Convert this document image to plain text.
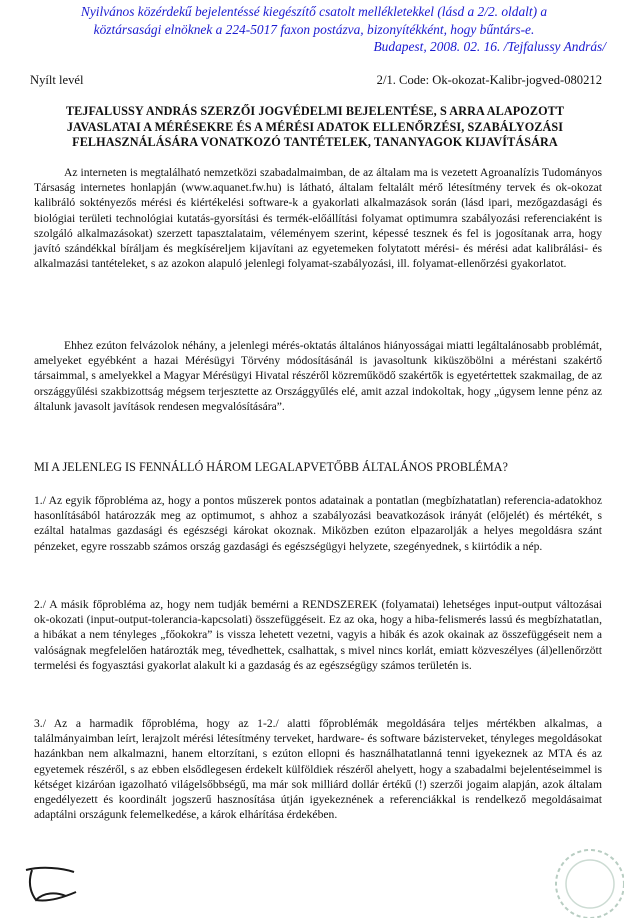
Nyilvános közérdekű bejelentéssé kiegészítő csatolt mellékletekkel (lásd a 2/2. oldalt) a
köztársasági elnöknek a 224-5017 faxon postázva, bizonyítékként, hogy bűntárs-e.
Budapest, 2008. 02. 16. /Tejfalussy András/
Nyílt levél	2/1. Code: Ok-okozat-Kalibr-jogved-080212
TEJFALUSSY ANDRÁS SZERZŐI JOGVÉDELMI BEJELENTÉSE, S ARRA ALAPOZOTT
JAVASLATAI A MÉRÉSEKRE ÉS A MÉRÉSI ADATOK ELLENŐRZÉSI, SZABÁLYOZÁSI
FELHASZNÁLÁSÁRA VONATKOZÓ TANTÉTELEK, TANANYAGOK KIJAVÍTÁSÁRA
Az interneten is megtalálható nemzetközi szabadalmaimban, de az általam ma is vezetett Agroanalízis Tudományos Társaság internetes honlapján (www.aquanet.fw.hu) is látható, általam feltalált mérő létesítmény tervek és ok-okozat kalibráló sokténye​zős mérési és kiértékelési software-k a gyakorlati alkalmazások során (lásd ipari, mezőgazdasági és biológiai területi technológiai kutatás-gyorsítási és termék-előállítási folyamat optimumra szabályozási referenciaként is szolgáló alkalmazásokat) szerzett tapasztalataim, véleményem szerint, képessé tesznek és fel is jogosítanak arra, hogy javító szándékkal bíráljam és megkíséreljem kijavítani az egyetemeken folytatott mérési- és mérési adat kalibrálási- és alkalmazási tantételeket, s az azokon alapuló jelenlegi folyamat-szabályozási, ill. folyamat-ellenőrzési gyakorlatot.
Ehhez ezúton felvázolok néhány, a jelenlegi mérés-oktatás általános hiányosságai miatti legáltalánosabb problémát, amelyeket egyébként a hazai Mérésügyi Törvény módosításánál is javasoltunk kiküszöbölni a méréstani szakértő társaimmal, s amelyekkel a Magyar Mérésügyi Hivatal részéről közreműködő szakértők is egyetértettek szakmailag, de az országgyűlési szakbizottság mégsem terjesztette az Országgyűlés elé, amit azzal indokoltak, hogy „úgysem lenne pénz az általunk javasolt javítások rendesen megvalósítására”.
MI A JELENLEG IS FENNÁLLÓ HÁROM LEGALAPVETŐBB ÁLTALÁNOS PROBLÉMA?
1./ Az egyik főprobléma az, hogy a pontos műszerek pontos adatainak a pontatlan (megbízhatatlan) referencia-adatokhoz hasonlításából határozzák meg az optimumot, s ahhoz a szabályozási beavatkozások irányát (előjelét) és mértékét, s ezáltal hatalmas gazdasági és egészségi károkat okoznak. Miközben ezúton elpazarolják a helyes megoldásra szánt pénzeket, egyre rosszabb számos ország gazdasági és egészségügyi helyzete, szegényednek, s kiirtódik a nép.
2./ A másik főprobléma az, hogy nem tudják bemérni a RENDSZEREK (folyamatai) lehetséges input-output változásai ok-okozati (input-output-tolerancia-kapcsolati) összefüggéseit. Ez az oka, hogy a hiba-felismerés lassú és megbízhatatlan, a hibákat a nem tényleges „főokokra” is vissza lehetett vezetni, vagyis a hibák és azok okainak az összefüggéseit nem a valóságnak megfelelően határozták meg, tévedhettek, csalhattak, s mivel nincs korlát, emiatt közveszélyes (ál)ellenőrzött termelési és fogyasztási gyakorlat alakult ki a gazdaság és az egészségügy számos területén is.
3./ Az a harmadik főprobléma, hogy az 1-2./ alatti főproblémák megoldására teljes mértékben alkalmas, a találmányaimban leírt, lerajzolt mérési létesítmény terveket, hardware- és software bázisterveket, tényleges megoldásokat hazánkban nem alkalmazni, hanem eltorzítani, s ezúton ellopni és használhatatlanná tenni igyekeznek az MTA és az egyetemek részéről, s az ebben elsődlegesen érdekelt külföldiek részéről ahelyett, hogy a szabadalmi bejelentéseimmel is kétséget kizáróan igazolható világelsőbbségű, ma már sok milliárd dollár értékű (!) szerzői jogaim alapján, azok általam engedélyezett és koordinált jogszerű hasznosítása útján igyekeznének a referenciákkal is rendelkező megoldásaimat adaptálni országunk felemelkedése, a károk elhárítása érdekében.
